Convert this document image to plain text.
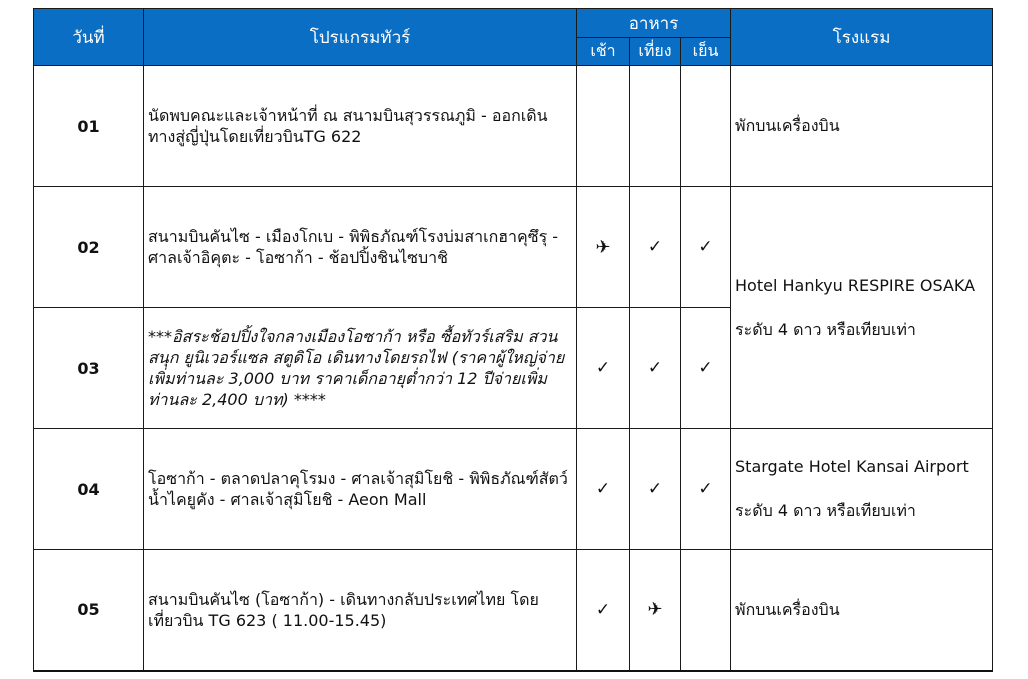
วันที่	โปรแกรมทัวร์	อาหาร			โรงแรม
		เช้า	เที่ยง	เย็น	
01	นัดพบคณะและเจ้าหน้าที่ ณ สนามบินสุวรรณภูมิ - ออกเดินทางสู่ญี่ปุ่นโดยเที่ยวบินTG 622				พักบนเครื่องบิน
02	สนามบินคันไซ - เมืองโกเบ - พิพิธภัณฑ์โรงบ่มสาเกฮาคุซึรุ - ศาลเจ้าอิคุตะ - โอซาก้า - ช้อปปิ้งชินไซบาชิ	✈	✓	✓	Hotel Hankyu RESPIRE OSAKA
ระดับ 4 ดาว หรือเทียบเท่า

03	***อิสระช้อปปิ้งใจกลางเมืองโอซาก้า หรือ ซื้อทัวร์เสริม สวนสนุก ยูนิเวอร์แซล สตูดิโอ เดินทางโดยรถไฟ (ราคาผู้ใหญ่จ่ายเพิ่มท่านละ 3,000 บาท ราคาเด็กอายุต่ำกว่า 12 ปีจ่ายเพิ่มท่านละ 2,400 บาท) ****	✓	✓	✓	
04	โอซาก้า - ตลาดปลาคุโรมง - ศาลเจ้าสุมิโยชิ - พิพิธภัณฑ์สัตว์น้ำไคยูคัง - ศาลเจ้าสุมิโยชิ - Aeon Mall	✓	✓	✓	Stargate Hotel Kansai Airport
ระดับ 4 ดาว หรือเทียบเท่า

05	สนามบินคันไซ (โอซาก้า) - เดินทางกลับประเทศไทย โดยเที่ยวบิน TG 623 ( 11.00-15.45)	✓	✈		พักบนเครื่องบิน
